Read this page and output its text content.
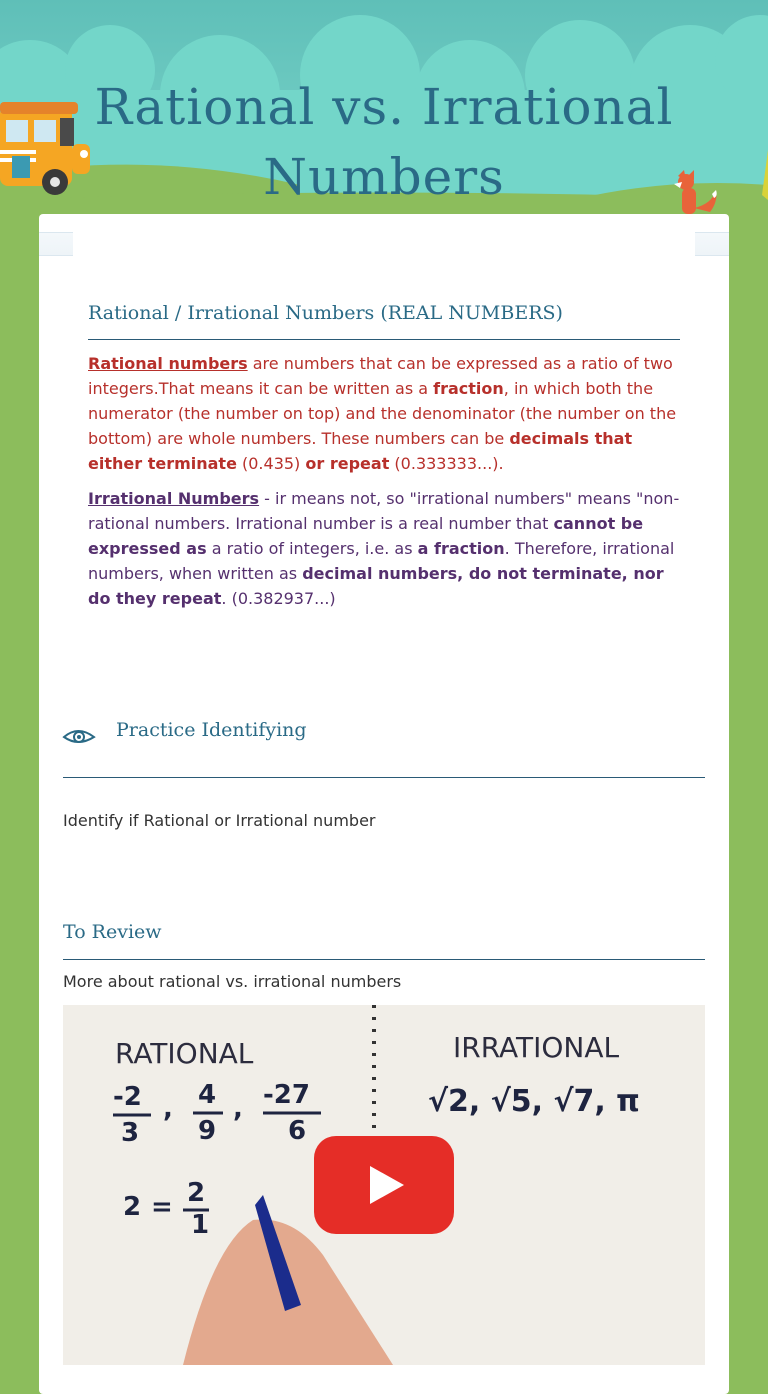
Rational vs. Irrational Numbers
Rational / Irrational Numbers (REAL NUMBERS)

Rational numbers are numbers that can be expressed as a ratio of two integers.That means it can be written as a fraction, in which both the numerator (the number on top) and the denominator (the number on the bottom) are whole numbers. These numbers can be decimals that either terminate (0.435) or repeat (0.333333...).

Irrational Numbers - ir means not, so "irrational numbers" means "non-rational numbers. Irrational number is a real number that cannot be expressed as a ratio of integers, i.e. as a fraction. Therefore, irrational numbers, when written as decimal numbers, do not terminate, nor do they repeat. (0.382937...)

Practice Identifying

Identify if Rational or Irrational number

To Review

More about rational vs. irrational numbers

RATIONAL	IRRATIONAL
-2
3
, 4
9
, -27
6
2 = 2
1
√2, √5, √7, π
